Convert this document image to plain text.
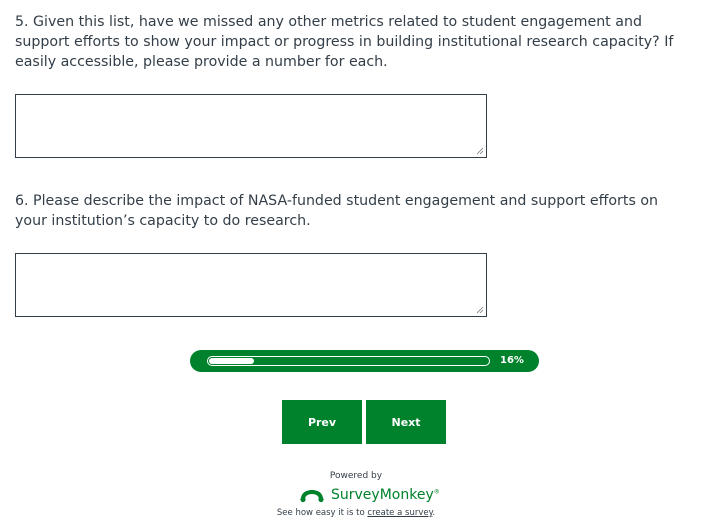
5. Given this list, have we missed any other metrics related to student engagement and support efforts to show your impact or progress in building institutional research capacity? If easily accessible, please provide a number for each.

6. Please describe the impact of NASA-funded student engagement and support efforts on your institution’s capacity to do research.

16%
Prev	Next
Powered by
SurveyMonkey®
See how easy it is to create a survey.
